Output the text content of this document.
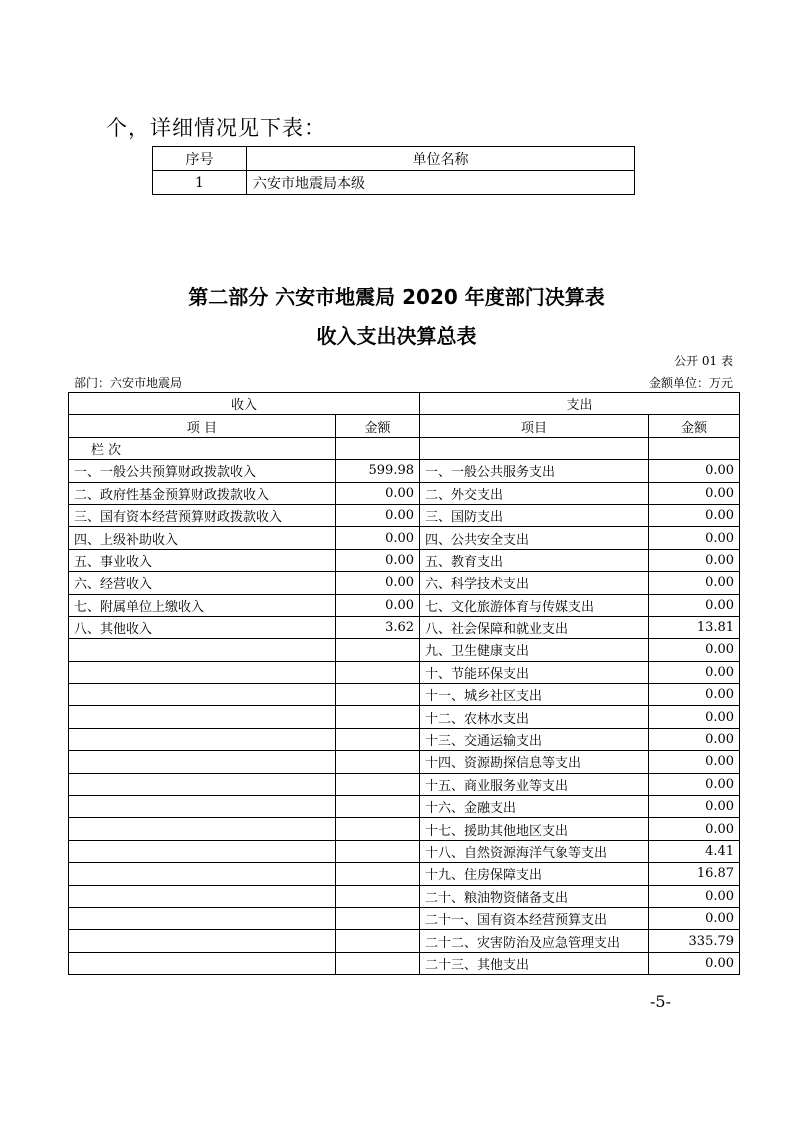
个，详细情况见下表：
序号	单位名称
1	六安市地震局本级
第二部分 六安市地震局 2020 年度部门决算表
收入支出决算总表
公开 01 表
部门：六安市地震局	金额单位：万元
收入		支出	
项 目	金额	项目	金额
栏 次			
一、一般公共预算财政拨款收入	599.98	一、一般公共服务支出	0.00
二、政府性基金预算财政拨款收入	0.00	二、外交支出	0.00
三、国有资本经营预算财政拨款收入	0.00	三、国防支出	0.00
四、上级补助收入	0.00	四、公共安全支出	0.00
五、事业收入	0.00	五、教育支出	0.00
六、经营收入	0.00	六、科学技术支出	0.00
七、附属单位上缴收入	0.00	七、文化旅游体育与传媒支出	0.00
八、其他收入	3.62	八、社会保障和就业支出	13.81
		九、卫生健康支出	0.00
		十、节能环保支出	0.00
		十一、城乡社区支出	0.00
		十二、农林水支出	0.00
		十三、交通运输支出	0.00
		十四、资源勘探信息等支出	0.00
		十五、商业服务业等支出	0.00
		十六、金融支出	0.00
		十七、援助其他地区支出	0.00
		十八、自然资源海洋气象等支出	4.41
		十九、住房保障支出	16.87
		二十、粮油物资储备支出	0.00
		二十一、国有资本经营预算支出	0.00
		二十二、灾害防治及应急管理支出	335.79
		二十三、其他支出	0.00
-5-
